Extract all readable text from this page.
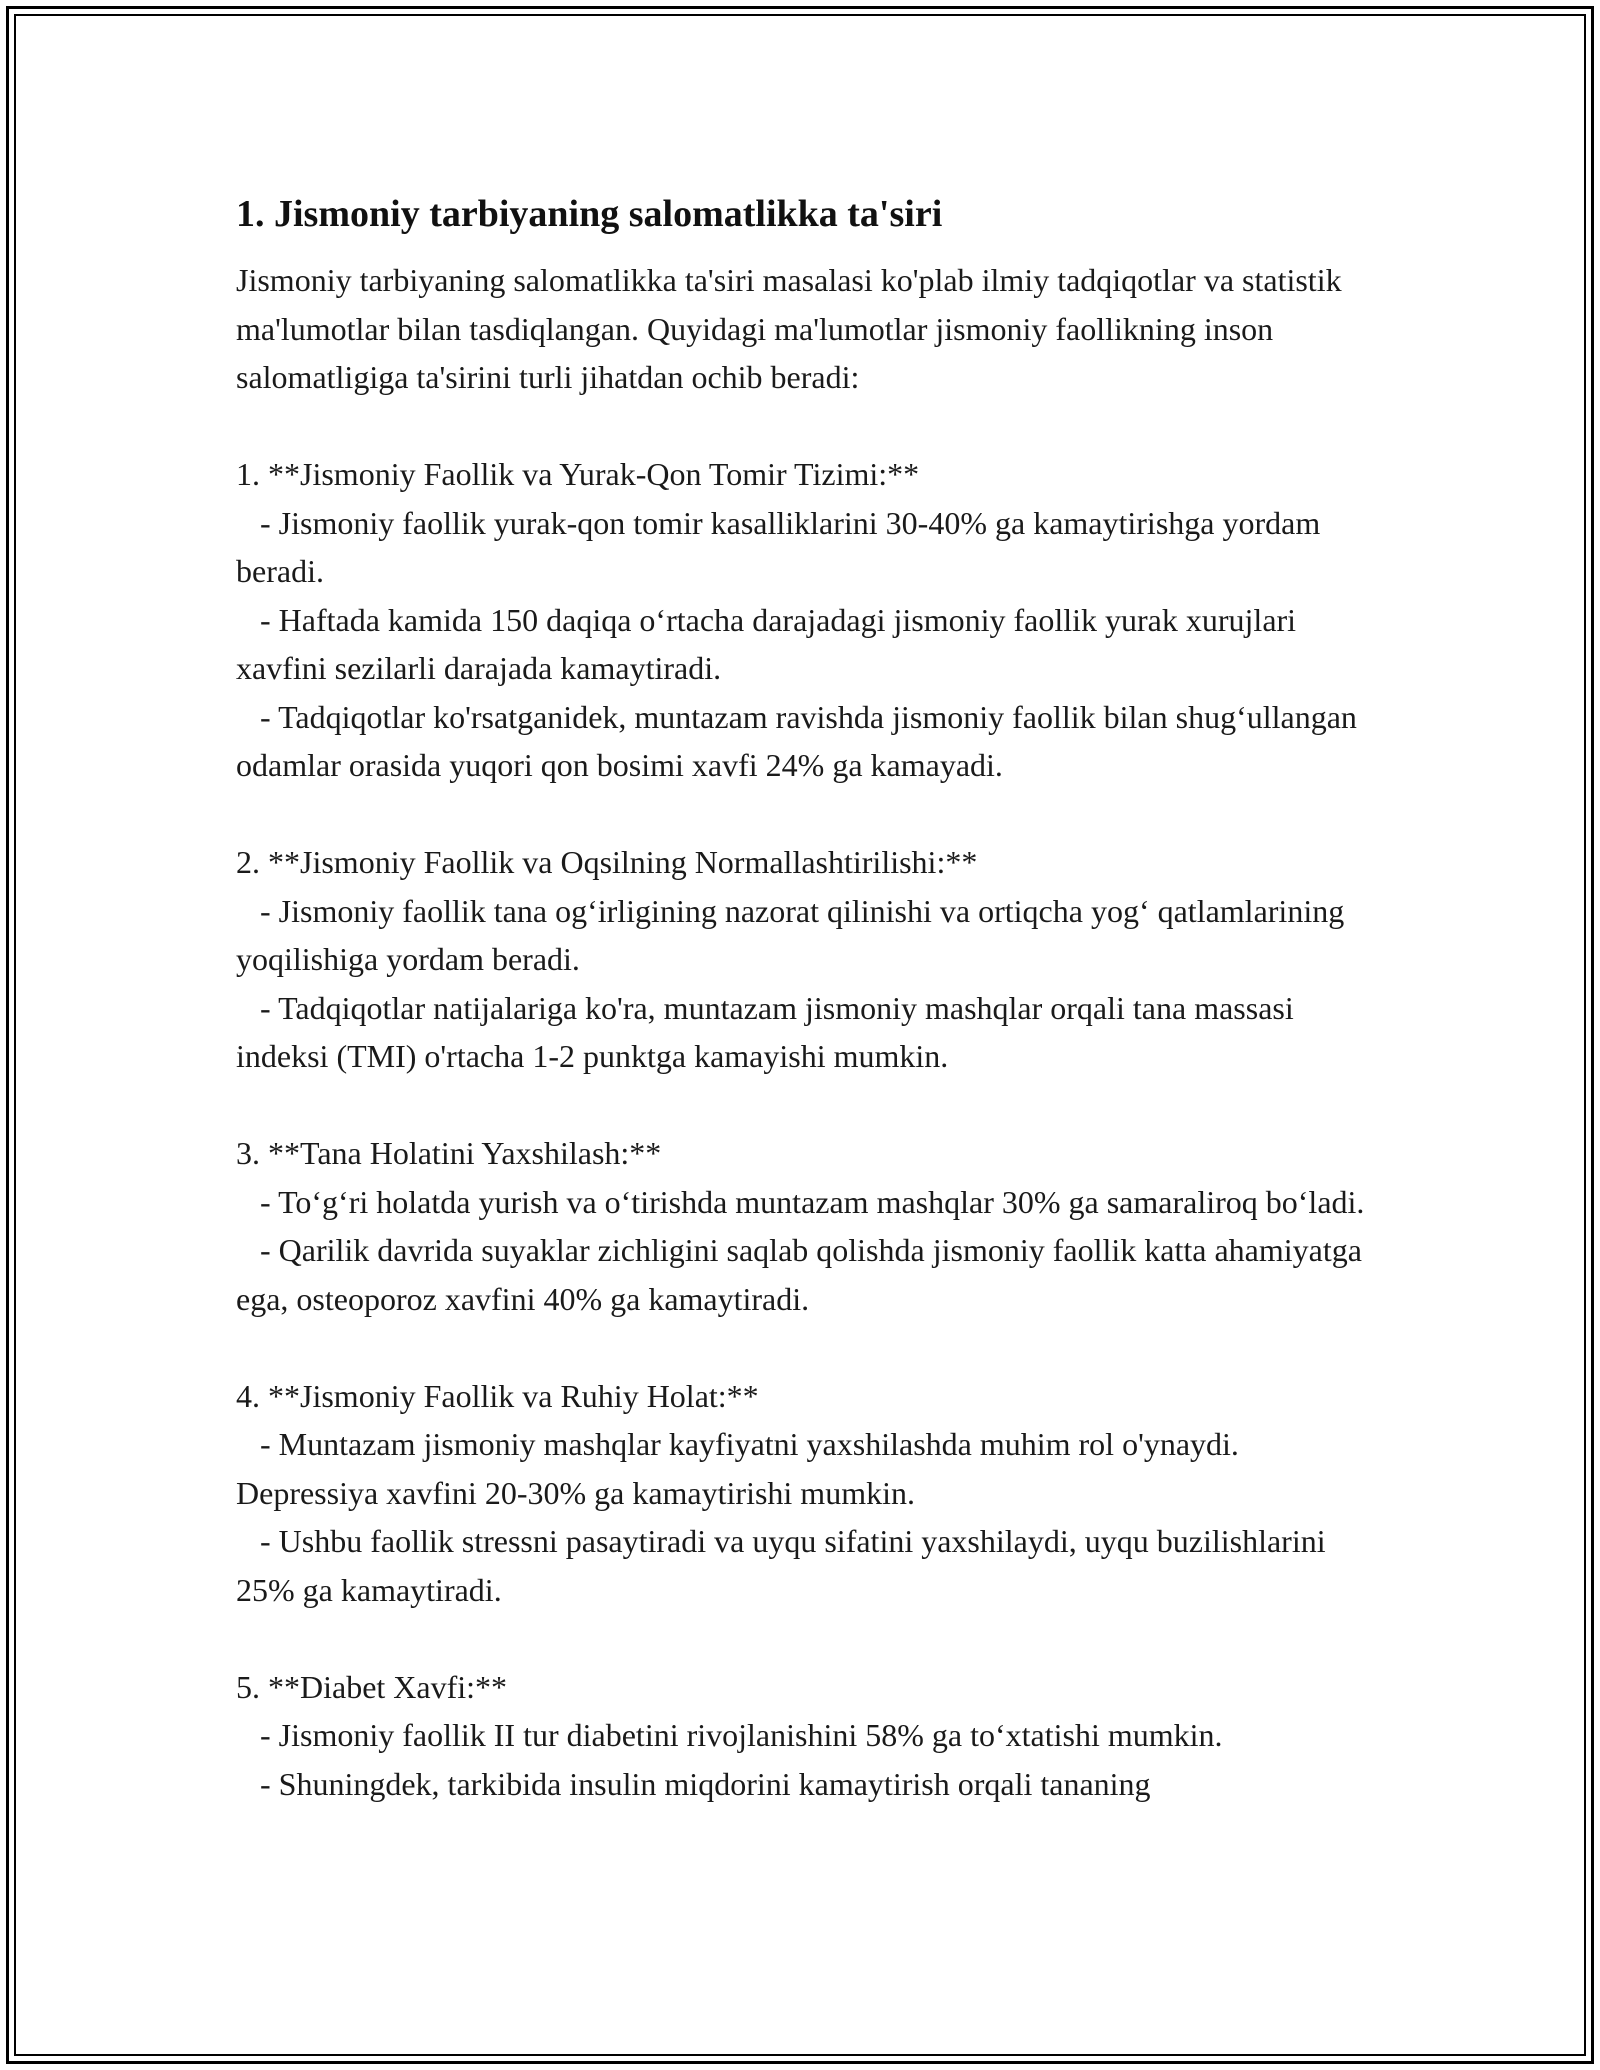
1. Jismoniy tarbiyaning salomatlikka ta'siri

Jismoniy tarbiyaning salomatlikka ta'siri masalasi ko'plab ilmiy tadqiqotlar va statistik ma'lumotlar bilan tasdiqlangan. Quyidagi ma'lumotlar jismoniy faollikning inson salomatligiga ta'sirini turli jihatdan ochib beradi:

1. **Jismoniy Faollik va Yurak-Qon Tomir Tizimi:**
- Jismoniy faollik yurak-qon tomir kasalliklarini 30-40% ga kamaytirishga yordam beradi.
- Haftada kamida 150 daqiqa o‘rtacha darajadagi jismoniy faollik yurak xurujlari xavfini sezilarli darajada kamaytiradi.
- Tadqiqotlar ko'rsatganidek, muntazam ravishda jismoniy faollik bilan shug‘ullangan odamlar orasida yuqori qon bosimi xavfi 24% ga kamayadi.
2. **Jismoniy Faollik va Oqsilning Normallashtirilishi:**
- Jismoniy faollik tana og‘irligining nazorat qilinishi va ortiqcha yog‘ qatlamlarining yoqilishiga yordam beradi.
- Tadqiqotlar natijalariga ko'ra, muntazam jismoniy mashqlar orqali tana massasi indeksi (TMI) o'rtacha 1-2 punktga kamayishi mumkin.
3. **Tana Holatini Yaxshilash:**
- To‘g‘ri holatda yurish va o‘tirishda muntazam mashqlar 30% ga samaraliroq bo‘ladi.
- Qarilik davrida suyaklar zichligini saqlab qolishda jismoniy faollik katta ahamiyatga ega, osteoporoz xavfini 40% ga kamaytiradi.
4. **Jismoniy Faollik va Ruhiy Holat:**
- Muntazam jismoniy mashqlar kayfiyatni yaxshilashda muhim rol o'ynaydi. Depressiya xavfini 20-30% ga kamaytirishi mumkin.
- Ushbu faollik stressni pasaytiradi va uyqu sifatini yaxshilaydi, uyqu buzilishlarini 25% ga kamaytiradi.
5. **Diabet Xavfi:**
- Jismoniy faollik II tur diabetini rivojlanishini 58% ga to‘xtatishi mumkin.
- Shuningdek, tarkibida insulin miqdorini kamaytirish orqali tananing
